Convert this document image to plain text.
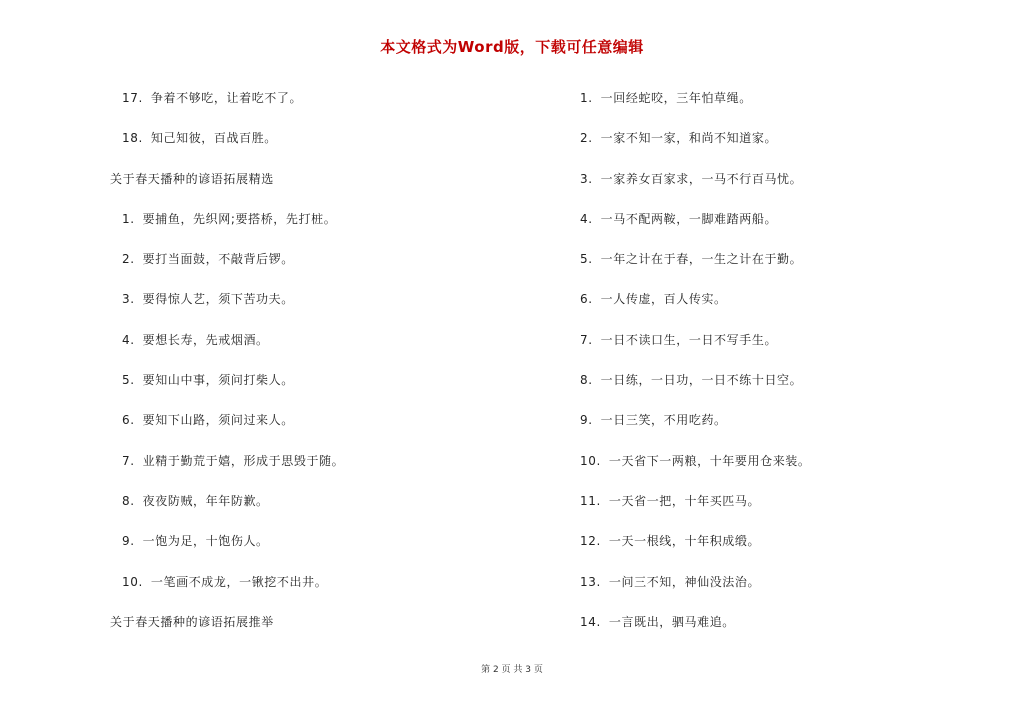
本文格式为Word版，下载可任意编辑
17. 争着不够吃，让着吃不了。
18. 知己知彼，百战百胜。
关于春天播种的谚语拓展精选
1. 要捕鱼，先织网;要搭桥，先打桩。
2. 要打当面鼓，不敲背后锣。
3. 要得惊人艺，须下苦功夫。
4. 要想长寿，先戒烟酒。
5. 要知山中事，须问打柴人。
6. 要知下山路，须问过来人。
7. 业精于勤荒于嬉，形成于思毁于随。
8. 夜夜防贼，年年防歉。
9. 一饱为足，十饱伤人。
10. 一笔画不成龙，一锹挖不出井。
关于春天播种的谚语拓展推举
1. 一回经蛇咬，三年怕草绳。
2. 一家不知一家，和尚不知道家。
3. 一家养女百家求，一马不行百马忧。
4. 一马不配两鞍，一脚难踏两船。
5. 一年之计在于春，一生之计在于勤。
6. 一人传虚，百人传实。
7. 一日不读口生，一日不写手生。
8. 一日练，一日功，一日不练十日空。
9. 一日三笑，不用吃药。
10. 一天省下一两粮，十年要用仓来装。
11. 一天省一把，十年买匹马。
12. 一天一根线，十年积成缎。
13. 一问三不知，神仙没法治。
14. 一言既出，驷马难追。
第 2 页 共 3 页
